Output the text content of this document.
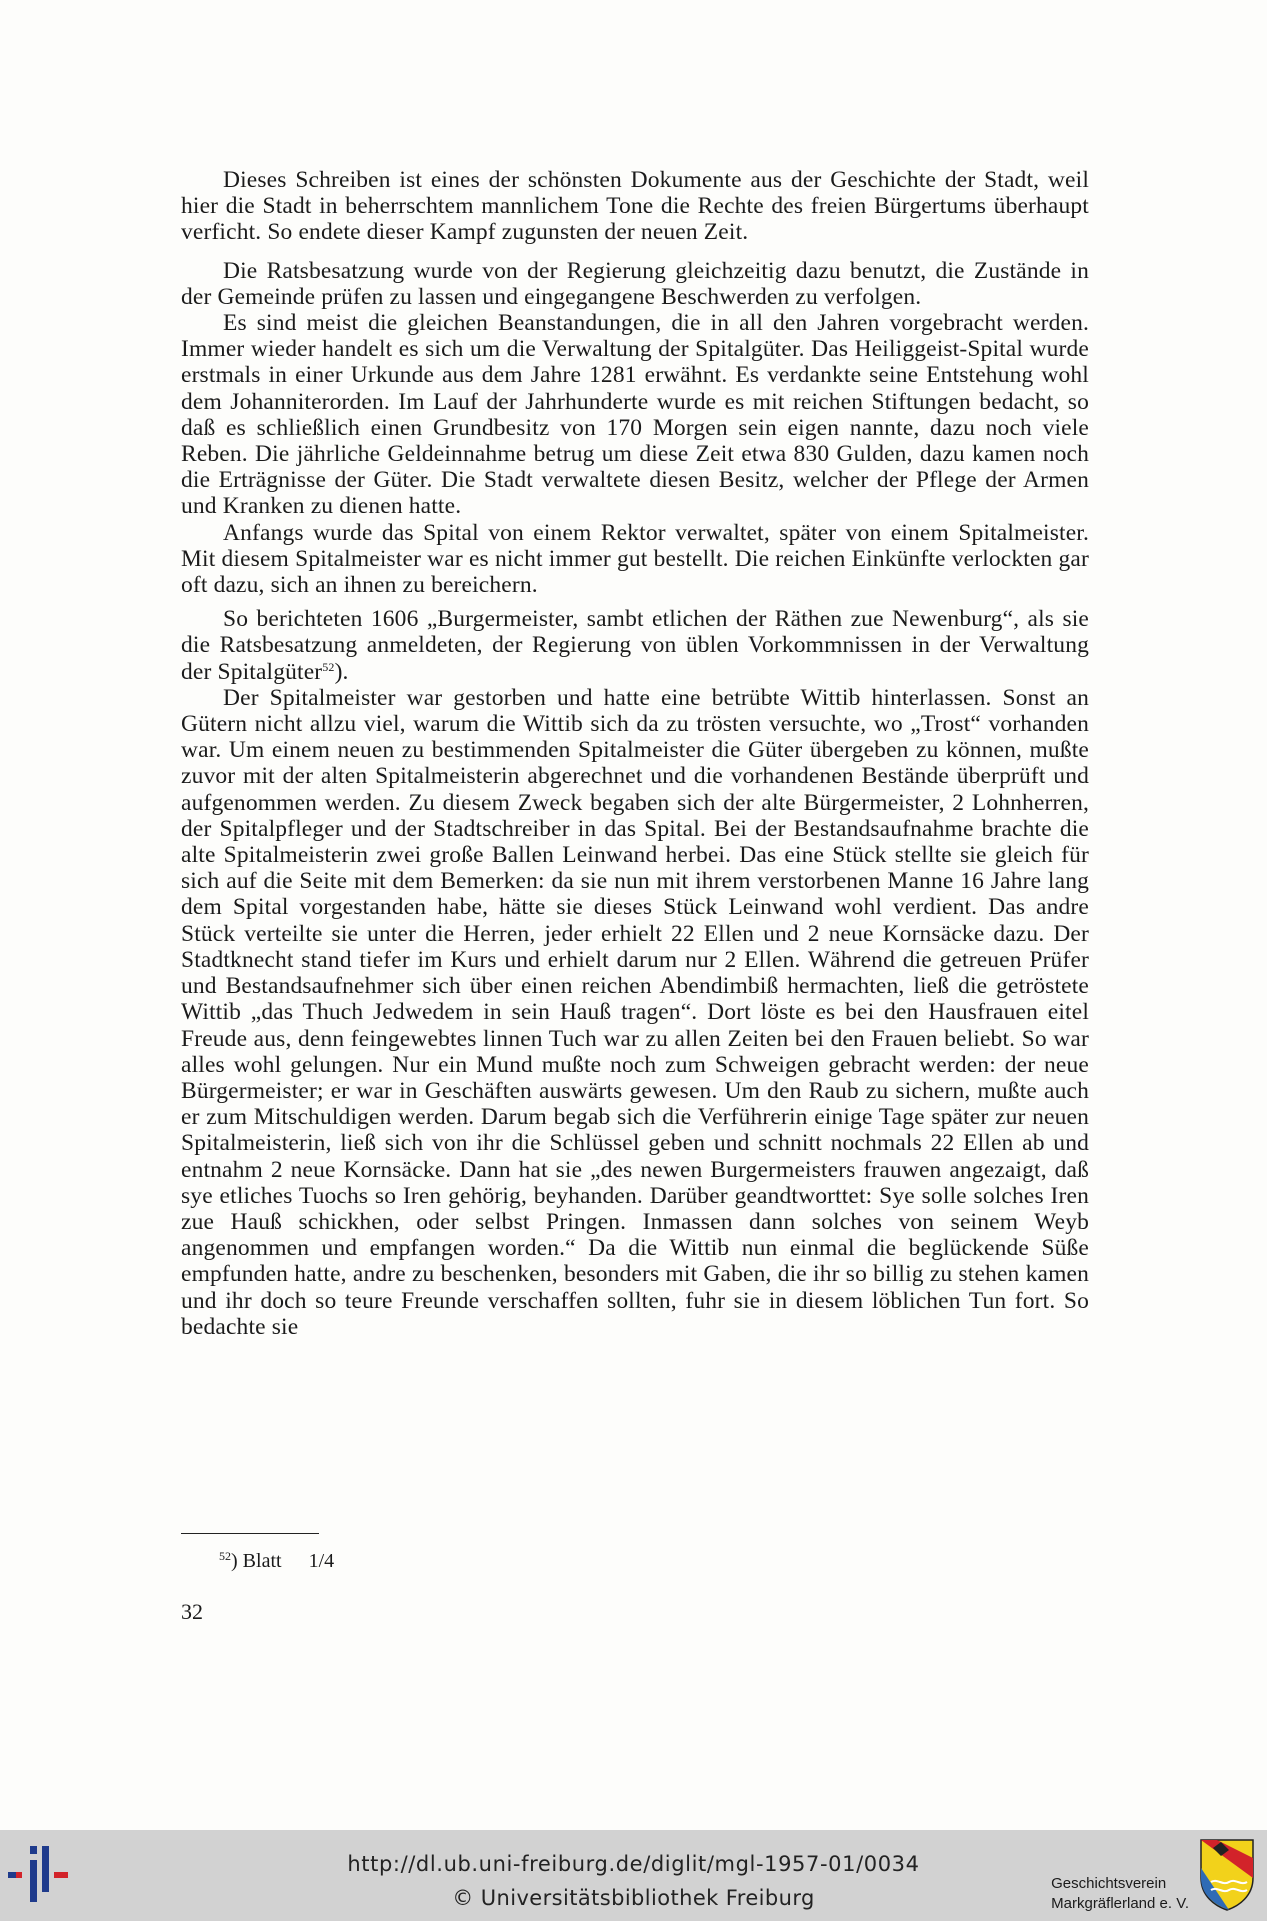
Dieses Schreiben ist eines der schönsten Dokumente aus der Geschichte der Stadt, weil hier die Stadt in beherrschtem mannlichem Tone die Rechte des freien Bürgertums überhaupt verficht. So endete dieser Kampf zugunsten der neuen Zeit.

Die Ratsbesatzung wurde von der Regierung gleichzeitig dazu benutzt, die Zustände in der Gemeinde prüfen zu lassen und eingegangene Beschwerden zu verfolgen.

Es sind meist die gleichen Beanstandungen, die in all den Jahren vorgebracht werden. Immer wieder handelt es sich um die Verwaltung der Spitalgüter. Das Heiliggeist-Spital wurde erstmals in einer Urkunde aus dem Jahre 1281 erwähnt. Es verdankte seine Entstehung wohl dem Johanniterorden. Im Lauf der Jahrhunderte wurde es mit reichen Stiftungen bedacht, so daß es schließlich einen Grundbesitz von 170 Morgen sein eigen nannte, dazu noch viele Reben. Die jährliche Geldeinnahme betrug um diese Zeit etwa 830 Gulden, dazu kamen noch die Erträgnisse der Güter. Die Stadt verwaltete diesen Besitz, welcher der Pflege der Armen und Kranken zu dienen hatte.

Anfangs wurde das Spital von einem Rektor verwaltet, später von einem Spitalmeister. Mit diesem Spitalmeister war es nicht immer gut bestellt. Die reichen Einkünfte verlockten gar oft dazu, sich an ihnen zu bereichern.

So berichteten 1606 „Burgermeister, sambt etlichen der Räthen zue Newenburg“, als sie die Ratsbesatzung anmeldeten, der Regierung von üblen Vorkommnissen in der Verwaltung der Spitalgüter$^{52}$).

Der Spitalmeister war gestorben und hatte eine betrübte Wittib hinterlassen. Sonst an Gütern nicht allzu viel, warum die Wittib sich da zu trösten versuchte, wo „Trost“ vorhanden war. Um einem neuen zu bestimmenden Spitalmeister die Güter übergeben zu können, mußte zuvor mit der alten Spitalmeisterin abgerechnet und die vorhandenen Bestände überprüft und aufgenommen werden. Zu diesem Zweck begaben sich der alte Bürgermeister, 2 Lohnherren, der Spitalpfleger und der Stadtschreiber in das Spital. Bei der Bestandsaufnahme brachte die alte Spitalmeisterin zwei große Ballen Leinwand herbei. Das eine Stück stellte sie gleich für sich auf die Seite mit dem Bemerken: da sie nun mit ihrem verstorbenen Manne 16 Jahre lang dem Spital vorgestanden habe, hätte sie dieses Stück Leinwand wohl verdient. Das andre Stück verteilte sie unter die Herren, jeder erhielt 22 Ellen und 2 neue Kornsäcke dazu. Der Stadtknecht stand tiefer im Kurs und erhielt darum nur 2 Ellen. Während die getreuen Prüfer und Bestandsaufnehmer sich über einen reichen Abendimbiß hermachten, ließ die getröstete Wittib „das Thuch Jedwedem in sein Hauß tragen“. Dort löste es bei den Hausfrauen eitel Freude aus, denn feingewebtes linnen Tuch war zu allen Zeiten bei den Frauen beliebt. So war alles wohl gelungen. Nur ein Mund mußte noch zum Schweigen gebracht werden: der neue Bürgermeister; er war in Geschäften auswärts gewesen. Um den Raub zu sichern, mußte auch er zum Mitschuldigen werden. Darum begab sich die Verführerin einige Tage später zur neuen Spitalmeisterin, ließ sich von ihr die Schlüssel geben und schnitt nochmals 22 Ellen ab und entnahm 2 neue Kornsäcke. Dann hat sie „des newen Burgermeisters frauwen angezaigt, daß sye etliches Tuochs so Iren gehörig, beyhanden. Darüber geandtworttet: Sye solle solches Iren zue Hauß schickhen, oder selbst Pringen. Inmassen dann solches von seinem Weyb angenommen und empfangen worden.“ Da die Wittib nun einmal die beglückende Süße empfunden hatte, andre zu beschenken, besonders mit Gaben, die ihr so billig zu stehen kamen und ihr doch so teure Freunde verschaffen sollten, fuhr sie in diesem löblichen Tun fort. So bedachte sie

$^{52}$) Blatt 1/4
32
http://dl.ub.uni-freiburg.de/diglit/mgl-1957-01/0034
© Universitätsbibliothek Freiburg
Geschichtsverein
Markgräflerland e. V.
